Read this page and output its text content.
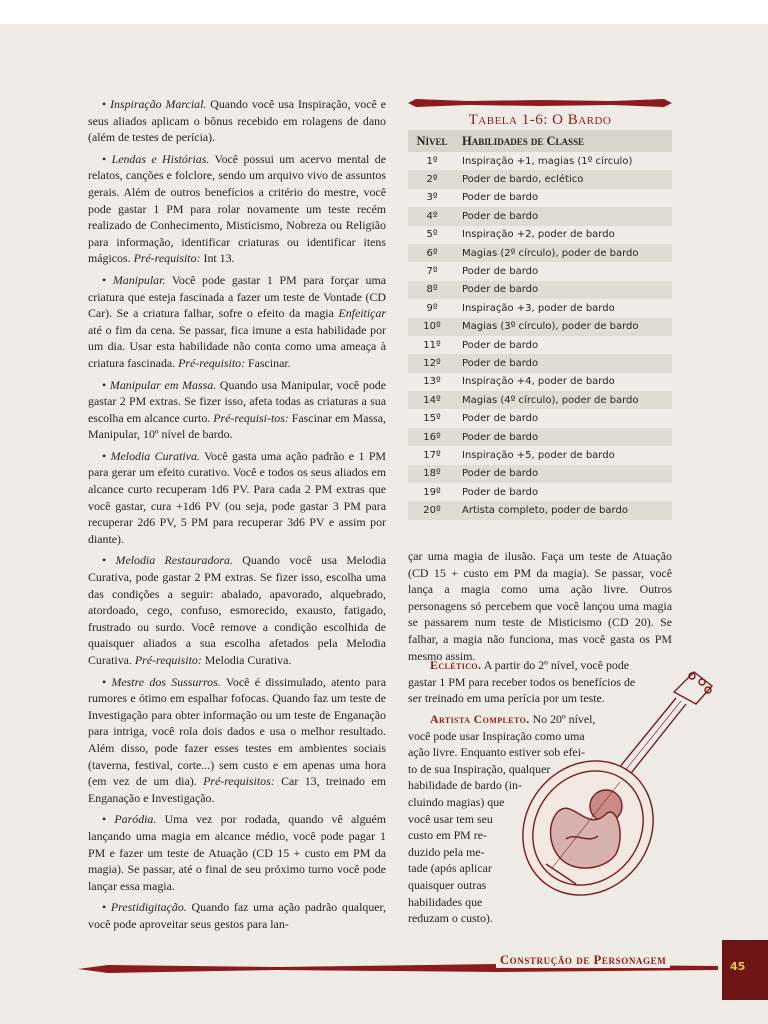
• Inspiração Marcial. Quando você usa Inspiração, você e seus aliados aplicam o bônus recebido em rolagens de dano (além de testes de perícia).

• Lendas e Histórias. Você possui um acervo mental de relatos, canções e folclore, sendo um arquivo vivo de assuntos gerais. Além de outros benefícios a critério do mestre, você pode gastar 1 PM para rolar novamente um teste recém realizado de Conhecimento, Misticismo, Nobreza ou Religião para informação, identificar criaturas ou identificar itens mágicos. Pré-requisito: Int 13.

• Manipular. Você pode gastar 1 PM para forçar uma criatura que esteja fascinada a fazer um teste de Vontade (CD Car). Se a criatura falhar, sofre o efeito da magia Enfeitiçar até o fim da cena. Se passar, fica imune a esta habilidade por um dia. Usar esta habilidade não conta como uma ameaça à criatura fascinada. Pré-requisito: Fascinar.

• Manipular em Massa. Quando usa Manipular, você pode gastar 2 PM extras. Se fizer isso, afeta todas as criaturas a sua escolha em alcance curto. Pré-requisi-tos: Fascinar em Massa, Manipular, 10º nível de bardo.

• Melodia Curativa. Você gasta uma ação padrão e 1 PM para gerar um efeito curativo. Você e todos os seus aliados em alcance curto recuperam 1d6 PV. Para cada 2 PM extras que você gastar, cura +1d6 PV (ou seja, pode gastar 3 PM para recuperar 2d6 PV, 5 PM para recuperar 3d6 PV e assim por diante).

• Melodia Restauradora. Quando você usa Melodia Curativa, pode gastar 2 PM extras. Se fizer isso, escolha uma das condições a seguir: abalado, apavorado, alquebrado, atordoado, cego, confuso, esmorecido, exausto, fatigado, frustrado ou surdo. Você remove a condição escolhida de quaisquer aliados a sua escolha afetados pela Melodia Curativa. Pré-requisito: Melodia Curativa.

• Mestre dos Sussurros. Você é dissimulado, atento para rumores e ótimo em espalhar fofocas. Quando faz um teste de Investigação para obter informação ou um teste de Enganação para intriga, você rola dois dados e usa o melhor resultado. Além disso, pode fazer esses testes em ambientes sociais (taverna, festival, corte...) sem custo e em apenas uma hora (em vez de um dia). Pré-requisitos: Car 13, treinado em Enganação e Investigação.

• Paródia. Uma vez por rodada, quando vê alguém lançando uma magia em alcance médio, você pode pagar 1 PM e fazer um teste de Atuação (CD 15 + custo em PM da magia). Se passar, até o final de seu próximo turno você pode lançar essa magia.

• Prestidigitação. Quando faz uma ação padrão qualquer, você pode aproveitar seus gestos para lan-

Tabela 1-6: O Bardo
Nível	Habilidades de Classe
1º	Inspiração +1, magias (1º círculo)
2º	Poder de bardo, eclético
3º	Poder de bardo
4º	Poder de bardo
5º	Inspiração +2, poder de bardo
6º	Magias (2º círculo), poder de bardo
7º	Poder de bardo
8º	Poder de bardo
9º	Inspiração +3, poder de bardo
10º	Magias (3º círculo), poder de bardo
11º	Poder de bardo
12º	Poder de bardo
13º	Inspiração +4, poder de bardo
14º	Magias (4º círculo), poder de bardo
15º	Poder de bardo
16º	Poder de bardo
17º	Inspiração +5, poder de bardo
18º	Poder de bardo
19º	Poder de bardo
20º	Artista completo, poder de bardo

çar uma magia de ilusão. Faça um teste de Atuação (CD 15 + custo em PM da magia). Se passar, você lança a magia como uma ação livre. Outros personagens só percebem que você lançou uma magia se passarem num teste de Misticismo (CD 20). Se falhar, a magia não funciona, mas você gasta os PM mesmo assim.

Eclético. A partir do 2º nível, você pode
gastar 1 PM para receber todos os benefícios de
ser treinado em uma perícia por um teste.
Artista Completo. No 20º nível,
você pode usar Inspiração como uma
ação livre. Enquanto estiver sob efei-
to de sua Inspiração, qualquer
habilidade de bardo (in-
cluindo magias) que
você usar tem seu
custo em PM re-
duzido pela me-
tade (após aplicar
quaisquer outras
habilidades que
reduzam o custo).
Construção de Personagem	45
